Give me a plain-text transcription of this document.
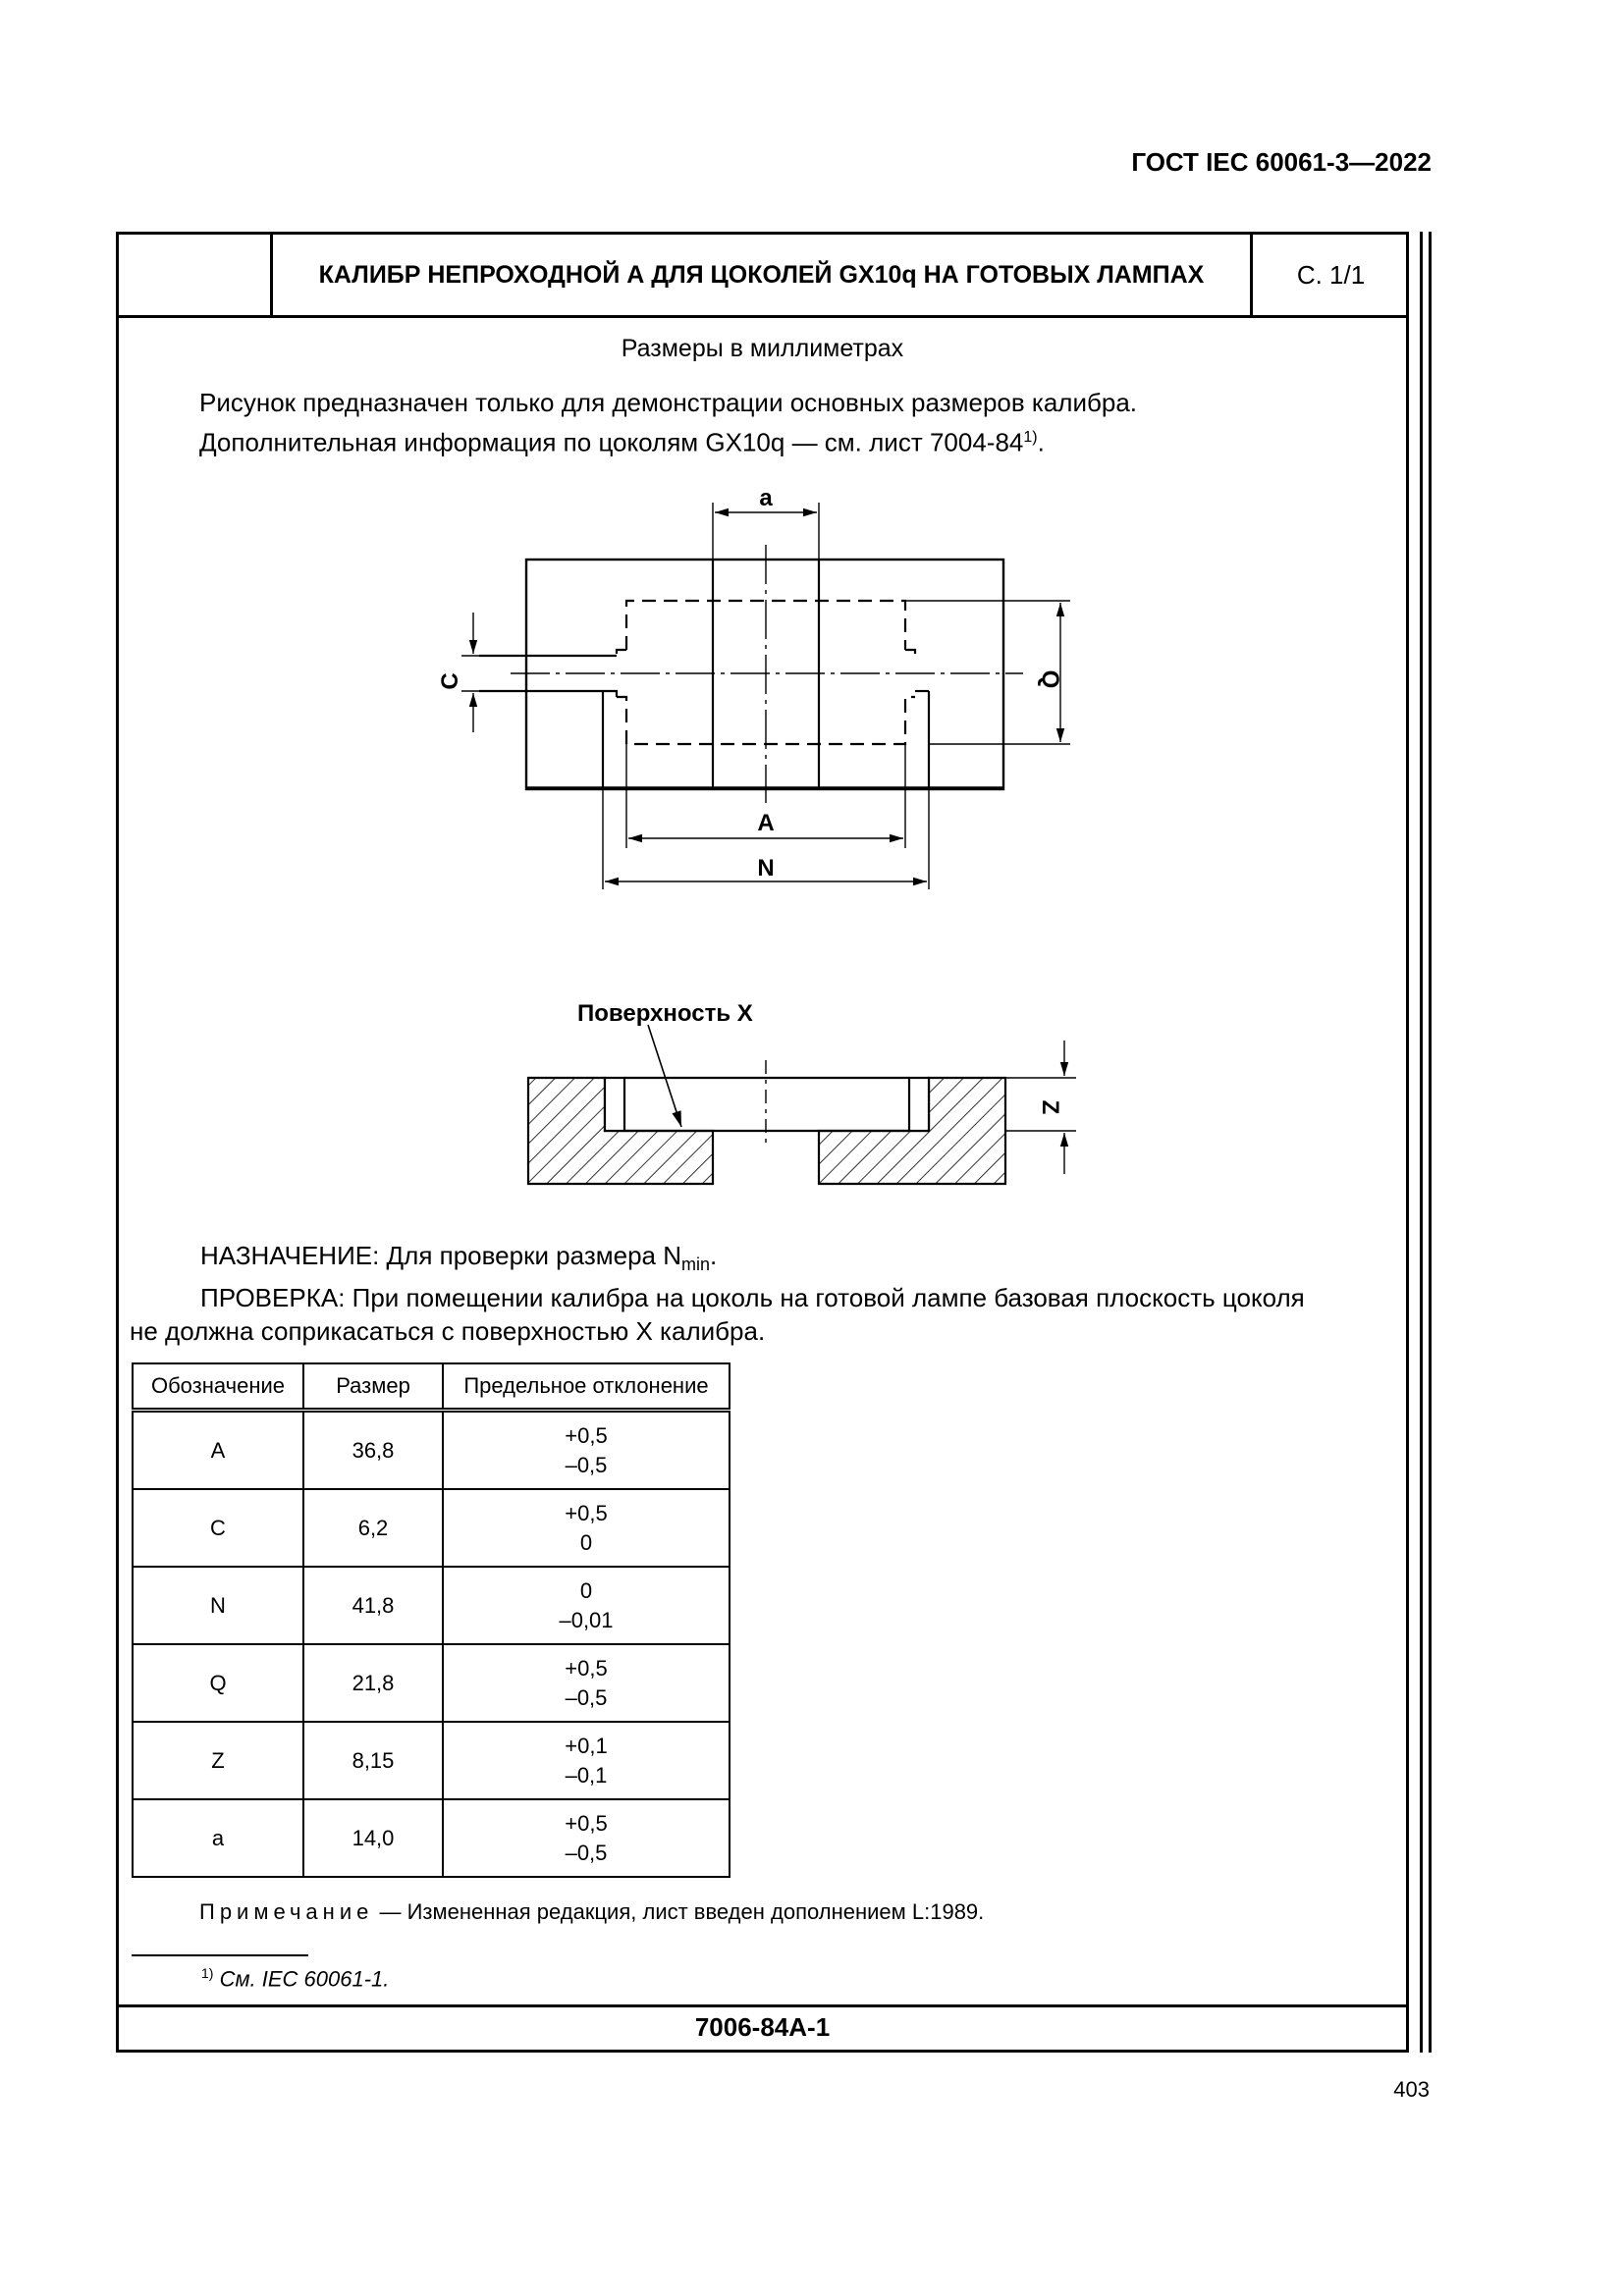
ГОСТ IEC 60061-3—2022
КАЛИБР НЕПРОХОДНОЙ А ДЛЯ ЦОКОЛЕЙ GX10q НА ГОТОВЫХ ЛАМПАХ	С. 1/1
Размеры в миллиметрах
Рисунок предназначен только для демонстрации основных размеров калибра.
Дополнительная информация по цоколям GX10q — см. лист 7004-84$^{1)}$.
a
C	Q
A
N
Поверхность X
Z
НАЗНАЧЕНИЕ: Для проверки размера $N_{min}$.
ПРОВЕРКА: При помещении калибра на цоколь на готовой лампе базовая плоскость цоколя
не должна соприкасаться с поверхностью X калибра.
Обозначение	Размер	Предельное отклонение
A	36,8	+0,5
–0,5

C	6,2	+0,5
0

N	41,8	0
–0,01

Q	21,8	+0,5
–0,5

Z	8,15	+0,1
–0,1

a	14,0	+0,5
–0,5
Примечание — Измененная редакция, лист введен дополнением L:1989.
$^{1)}$ См. IEC 60061-1.
7006-84A-1
403
